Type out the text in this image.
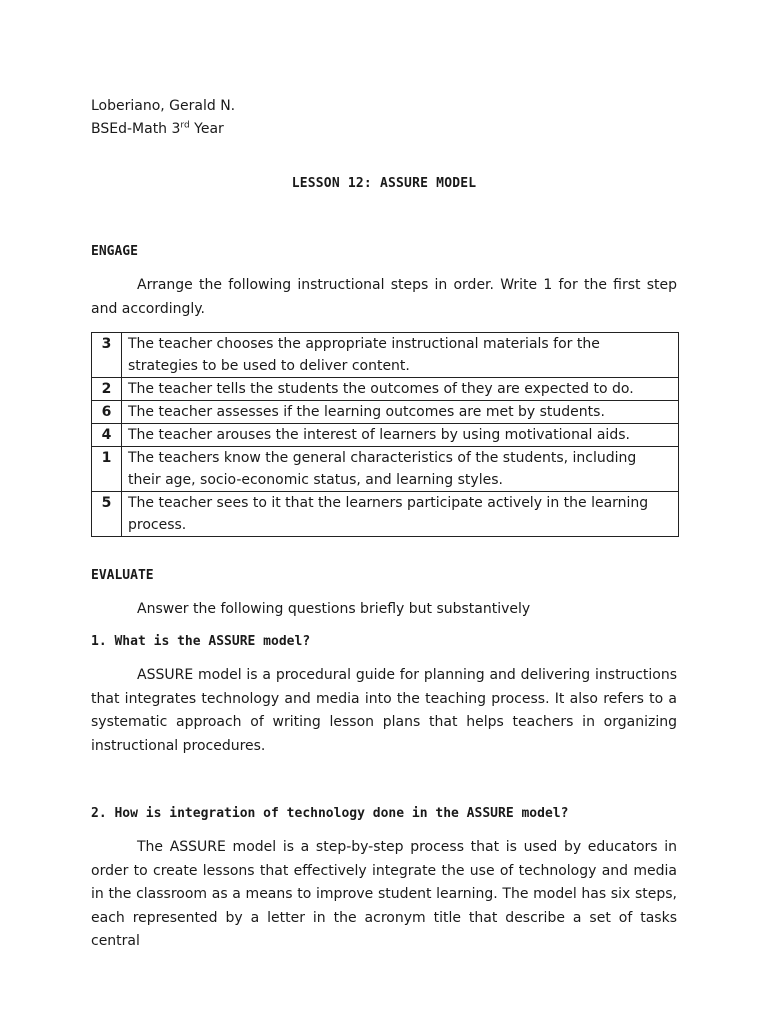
Loberiano, Gerald N.
BSEd-Math 3rd Year
LESSON 12: ASSURE MODEL
ENGAGE
Arrange the following instructional steps in order. Write 1 for the first step and accordingly.
3	The teacher chooses the appropriate instructional materials for the strategies to be used to deliver content.
2	The teacher tells the students the outcomes of they are expected to do.
6	The teacher assesses if the learning outcomes are met by students.
4	The teacher arouses the interest of learners by using motivational aids.
1	The teachers know the general characteristics of the students, including their age, socio-economic status, and learning styles.
5	The teacher sees to it that the learners participate actively in the learning process.
EVALUATE
Answer the following questions briefly but substantively
1. What is the ASSURE model?
ASSURE model is a procedural guide for planning and delivering instructions that integrates technology and media into the teaching process. It also refers to a systematic approach of writing lesson plans that helps teachers in organizing instructional procedures.
2. How is integration of technology done in the ASSURE model?
The ASSURE model is a step-by-step process that is used by educators in order to create lessons that effectively integrate the use of technology and media in the classroom as a means to improve student learning. The model has six steps, each represented by a letter in the acronym title that describe a set of tasks central
